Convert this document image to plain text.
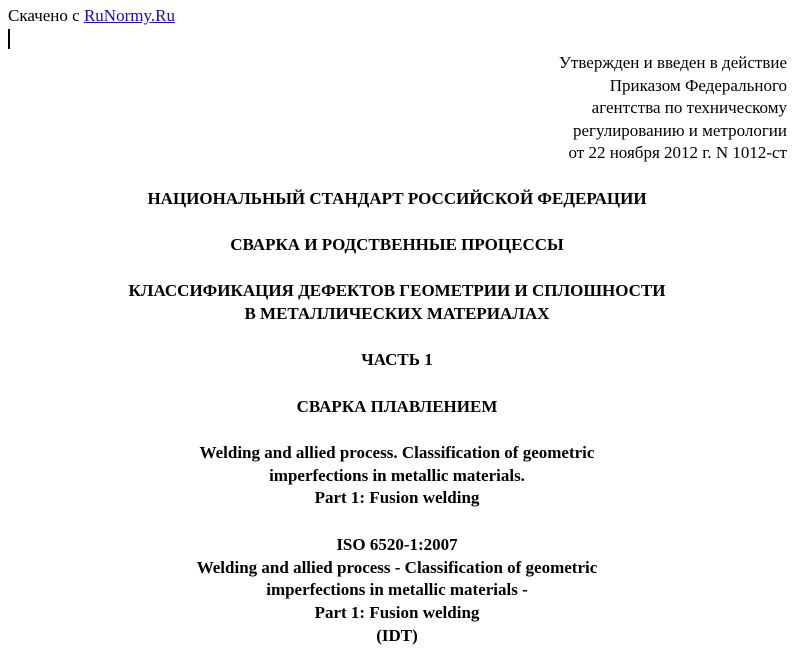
Скачено с RuNormy.Ru
Утвержден и введен в действие
Приказом Федерального
агентства по техническому
регулированию и метрологии
от 22 ноября 2012 г. N 1012-ст
НАЦИОНАЛЬНЫЙ СТАНДАРТ РОССИЙСКОЙ ФЕДЕРАЦИИ
СВАРКА И РОДСТВЕННЫЕ ПРОЦЕССЫ
КЛАССИФИКАЦИЯ ДЕФЕКТОВ ГЕОМЕТРИИ И СПЛОШНОСТИ
В МЕТАЛЛИЧЕСКИХ МАТЕРИАЛАХ
ЧАСТЬ 1
СВАРКА ПЛАВЛЕНИЕМ
Welding and allied process. Classification of geometric
imperfections in metallic materials.
Part 1: Fusion welding
ISO 6520-1:2007
Welding and allied process - Classification of geometric
imperfections in metallic materials -
Part 1: Fusion welding
(IDT)
